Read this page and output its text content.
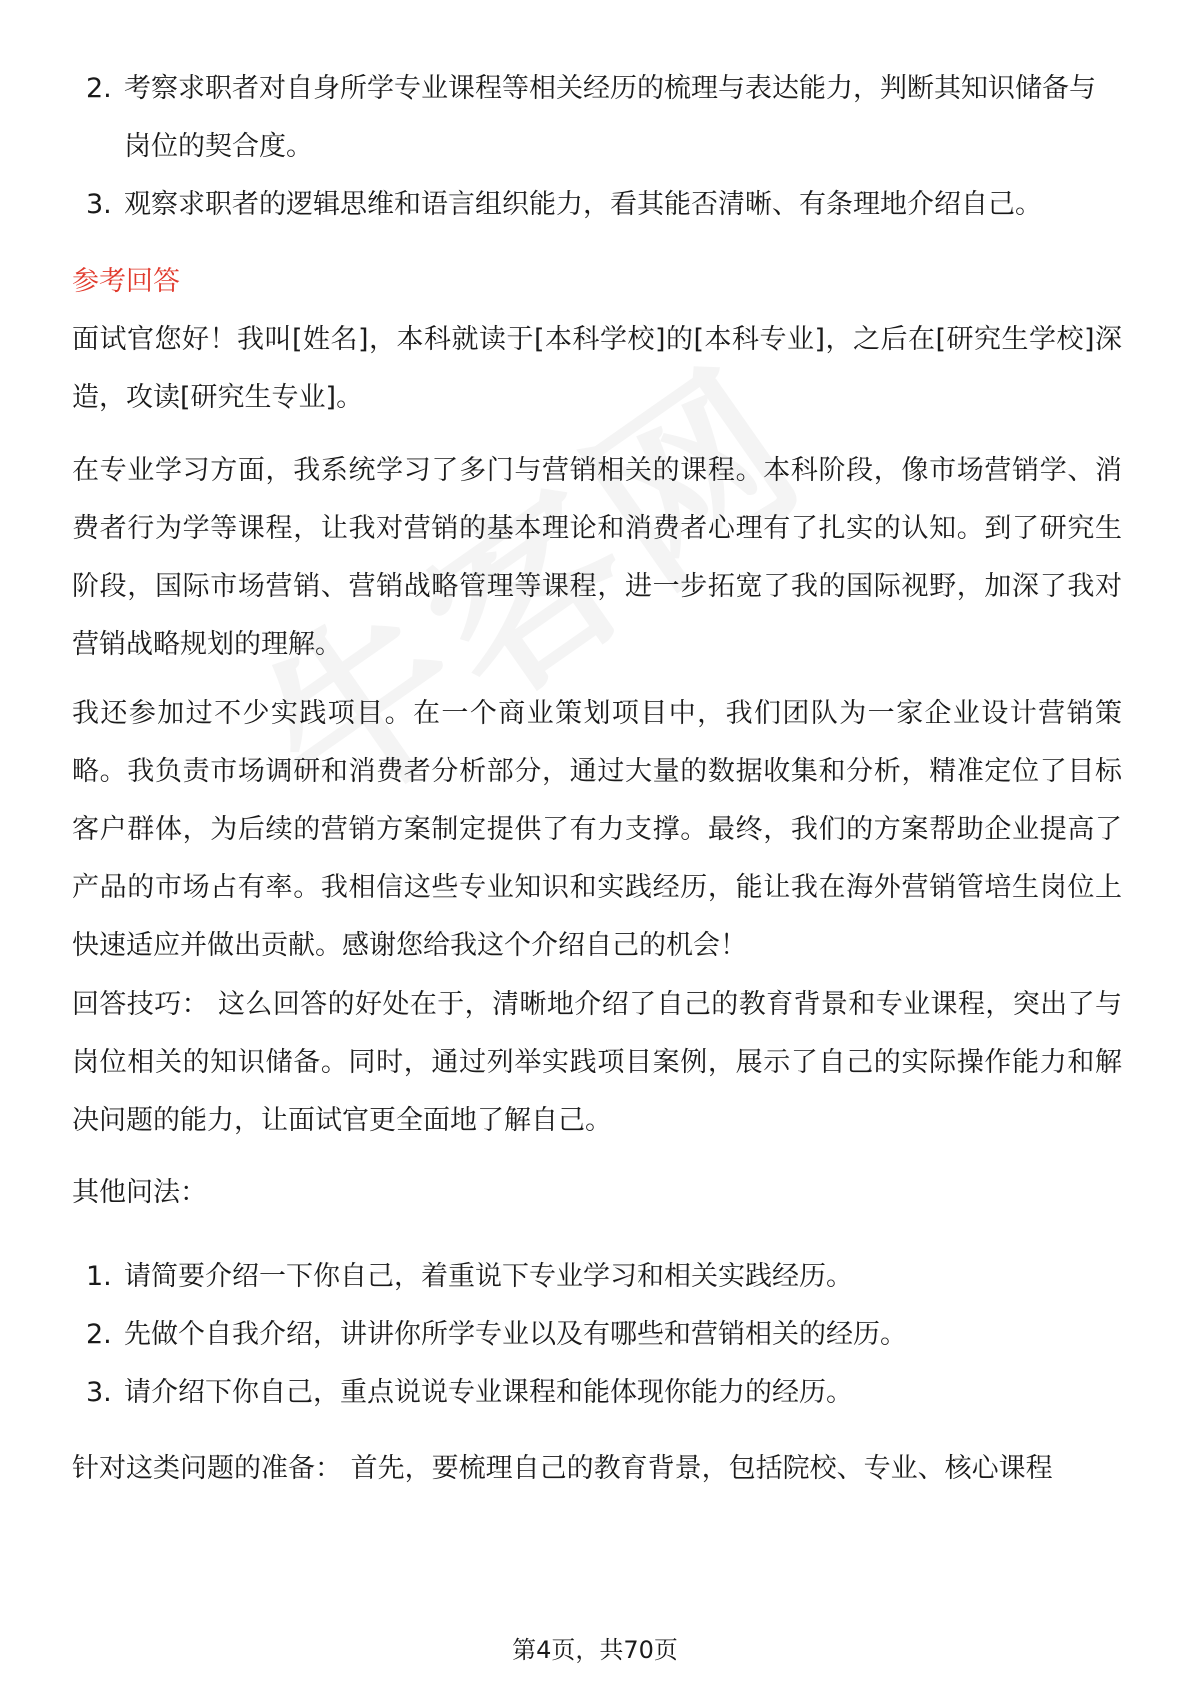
2. 考察求职者对自身所学专业课程等相关经历的梳理与表达能力，判断其知识储备与岗位的契合度。
3. 观察求职者的逻辑思维和语言组织能力，看其能否清晰、有条理地介绍自己。
参考回答

面试官您好！我叫[姓名]，本科就读于[本科学校]的[本科专业]，之后在[研究生学校]深造，攻读[研究生专业]。

在专业学习方面，我系统学习了多门与营销相关的课程。本科阶段，像市场营销学、消费者行为学等课程，让我对营销的基本理论和消费者心理有了扎实的认知。到了研究生阶段，国际市场营销、营销战略管理等课程，进一步拓宽了我的国际视野，加深了我对营销战略规划的理解。

我还参加过不少实践项目。在一个商业策划项目中，我们团队为一家企业设计营销策略。我负责市场调研和消费者分析部分，通过大量的数据收集和分析，精准定位了目标客户群体，为后续的营销方案制定提供了有力支撑。最终，我们的方案帮助企业提高了产品的市场占有率。我相信这些专业知识和实践经历，能让我在海外营销管培生岗位上快速适应并做出贡献。感谢您给我这个介绍自己的机会！

回答技巧： 这么回答的好处在于，清晰地介绍了自己的教育背景和专业课程，突出了与岗位相关的知识储备。同时，通过列举实践项目案例，展示了自己的实际操作能力和解决问题的能力，让面试官更全面地了解自己。

其他问法：

1. 请简要介绍一下你自己，着重说下专业学习和相关实践经历。
2. 先做个自我介绍，讲讲你所学专业以及有哪些和营销相关的经历。
3. 请介绍下你自己，重点说说专业课程和能体现你能力的经历。

针对这类问题的准备： 首先，要梳理自己的教育背景，包括院校、专业、核心课程

第4页，共70页
